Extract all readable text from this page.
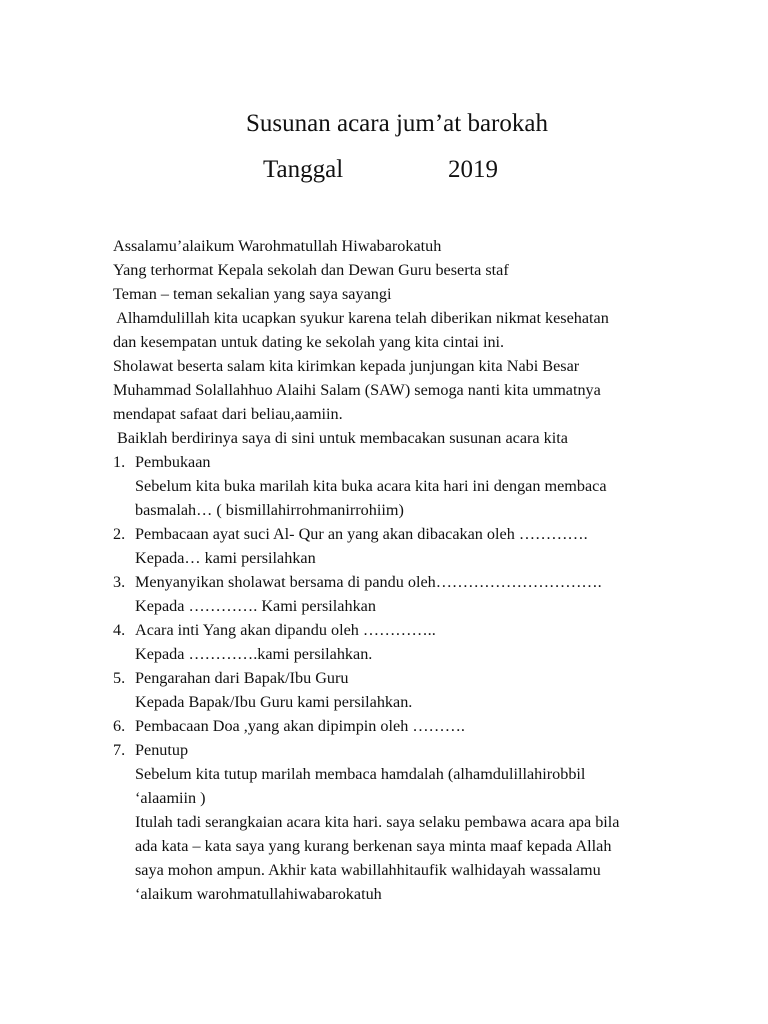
Susunan acara jum’at barokah
Tanggal	2019

Assalamu’alaikum Warohmatullah Hiwabarokatuh

Yang terhormat Kepala sekolah dan Dewan Guru beserta staf

Teman – teman sekalian yang saya sayangi

Alhamdulillah kita ucapkan syukur karena telah diberikan nikmat kesehatan

dan kesempatan untuk dating ke sekolah yang kita cintai ini.

Sholawat beserta salam kita kirimkan kepada junjungan kita Nabi Besar

Muhammad Solallahhuo Alaihi Salam (SAW) semoga nanti kita ummatnya

mendapat safaat dari beliau,aamiin.

Baiklah berdirinya saya di sini untuk membacakan susunan acara kita

1. Pembukaan
Sebelum kita buka marilah kita buka acara kita hari ini dengan membaca
basmalah… ( bismillahirrohmanirrohiim)
2. Pembacaan ayat suci Al- Qur an yang akan dibacakan oleh ………….
Kepada… kami persilahkan
3. Menyanyikan sholawat bersama di pandu oleh………………………….
Kepada …………. Kami persilahkan
4. Acara inti Yang akan dipandu oleh …………..
Kepada ………….kami persilahkan.
5. Pengarahan dari Bapak/Ibu Guru
Kepada Bapak/Ibu Guru kami persilahkan.
6. Pembacaan Doa ,yang akan dipimpin oleh ……….
7. Penutup
Sebelum kita tutup marilah membaca hamdalah (alhamdulillahirobbil
‘alaamiin )
Itulah tadi serangkaian acara kita hari. saya selaku pembawa acara apa bila
ada kata – kata saya yang kurang berkenan saya minta maaf kepada Allah
saya mohon ampun. Akhir kata wabillahhitaufik walhidayah wassalamu
‘alaikum warohmatullahiwabarokatuh
